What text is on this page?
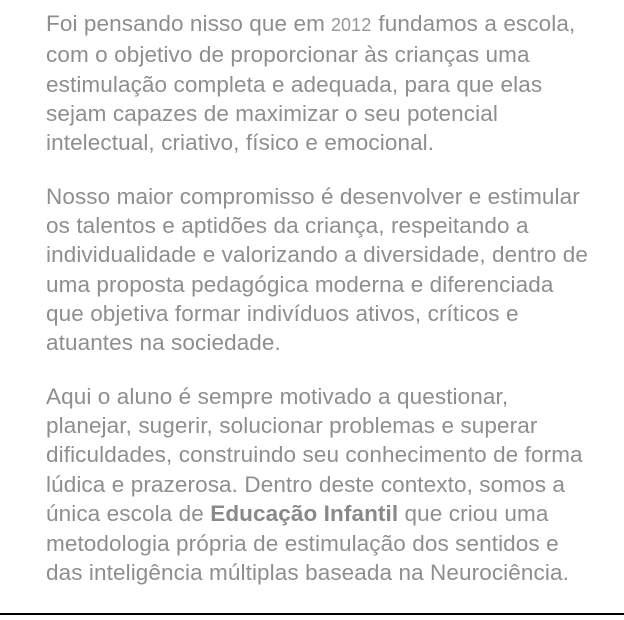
Foi pensando nisso que em 2012 fundamos a escola,
com o objetivo de proporcionar às crianças uma
estimulação completa e adequada, para que elas
sejam capazes de maximizar o seu potencial
intelectual, criativo, físico e emocional.

Nosso maior compromisso é desenvolver e estimular
os talentos e aptidões da criança, respeitando a
individualidade e valorizando a diversidade, dentro de
uma proposta pedagógica moderna e diferenciada
que objetiva formar indivíduos ativos, críticos e
atuantes na sociedade.

Aqui o aluno é sempre motivado a questionar,
planejar, sugerir, solucionar problemas e superar
dificuldades, construindo seu conhecimento de forma
lúdica e prazerosa. Dentro deste contexto, somos a
única escola de Educação Infantil que criou uma
metodologia própria de estimulação dos sentidos e
das inteligência múltiplas baseada na Neurociência.
